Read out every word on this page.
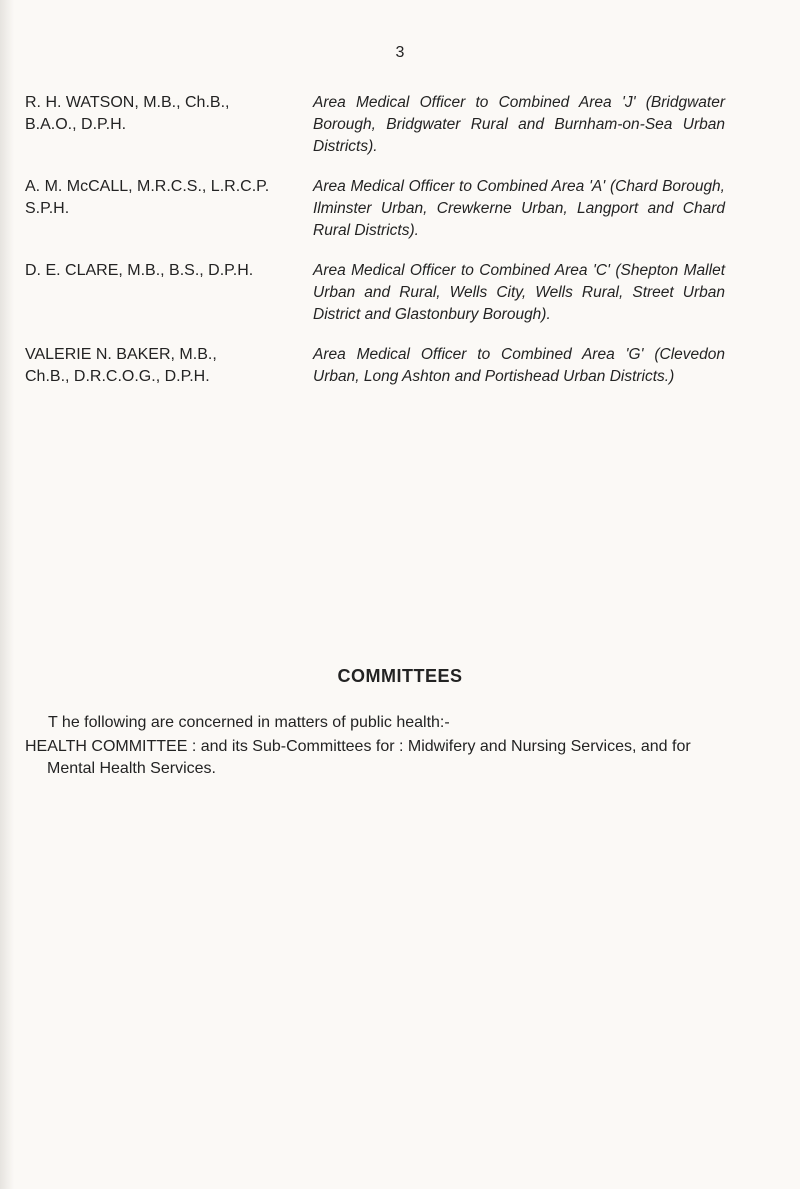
3
R. H. WATSON, M.B., Ch.B.,
B.A.O., D.P.H.
Area Medical Officer to Combined Area 'J' (Bridgwater Borough, Bridgwater Rural and Burnham-on-Sea Urban Districts).
A. M. McCALL, M.R.C.S., L.R.C.P.
S.P.H.
Area Medical Officer to Combined Area 'A' (Chard Borough, Ilminster Urban, Crewkerne Urban, Langport and Chard Rural Districts).
D. E. CLARE, M.B., B.S., D.P.H.	Area Medical Officer to Combined Area 'C' (Shepton Mallet Urban and Rural, Wells City, Wells Rural, Street Urban District and Glastonbury Borough).
VALERIE N. BAKER, M.B.,
Ch.B., D.R.C.O.G., D.P.H.
Area Medical Officer to Combined Area 'G' (Clevedon Urban, Long Ashton and Portishead Urban Districts.)
COMMITTEES
T he following are concerned in matters of public health:-
HEALTH COMMITTEE : and its Sub-Committees for : Midwifery and Nursing Services, and for
Mental Health Services.
